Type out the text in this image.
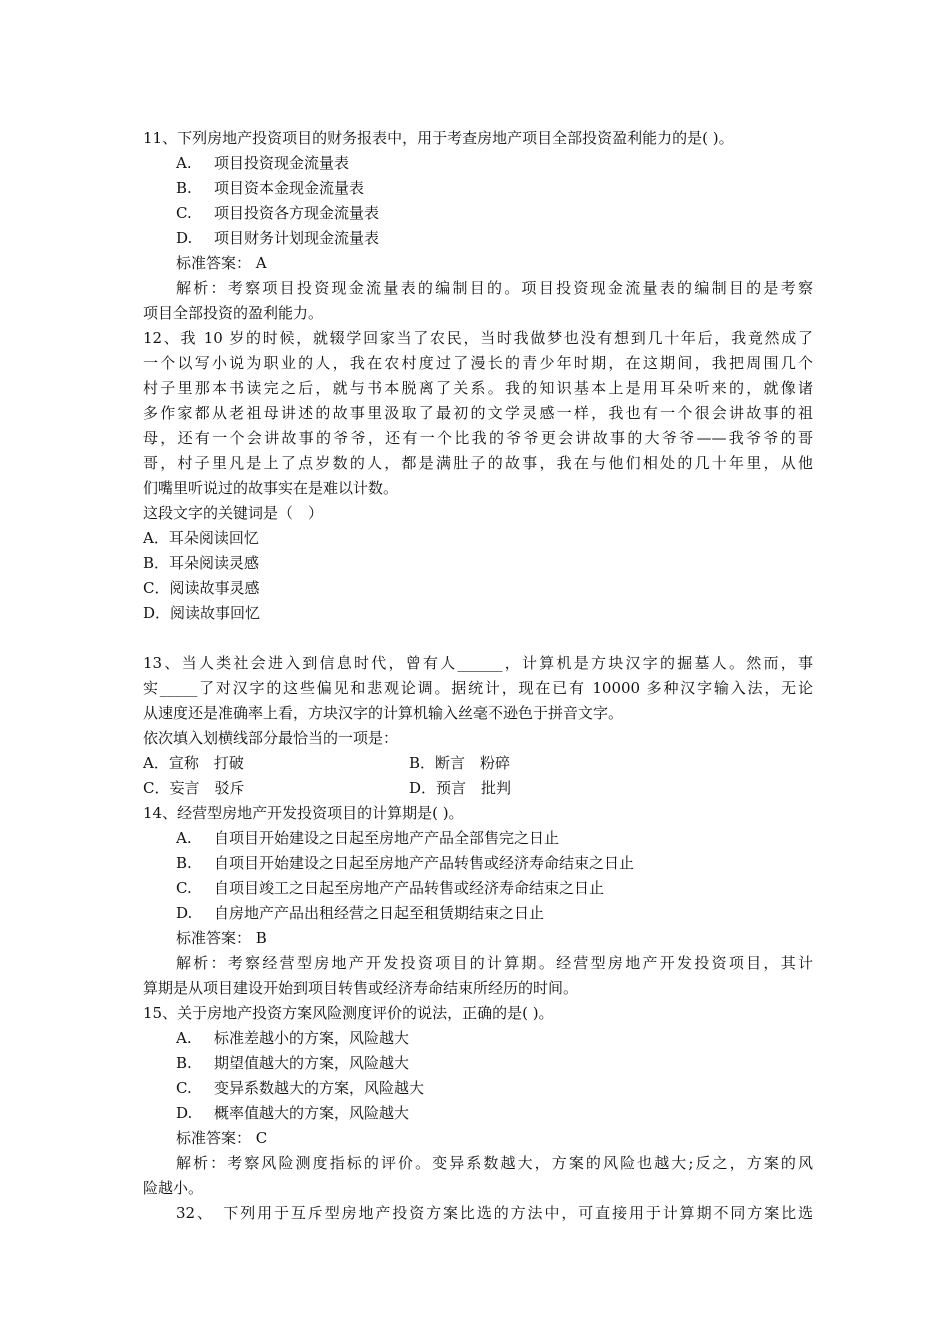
11、下列房地产投资项目的财务报表中，用于考查房地产项目全部投资盈利能力的是( )。
A. 项目投资现金流量表
B. 项目资本金现金流量表
C. 项目投资各方现金流量表
D. 项目财务计划现金流量表
标准答案： A
解析：考察项目投资现金流量表的编制目的。项目投资现金流量表的编制目的是考察
项目全部投资的盈利能力。
12、我 10 岁的时候，就辍学回家当了农民，当时我做梦也没有想到几十年后，我竟然成了
一个以写小说为职业的人，我在农村度过了漫长的青少年时期，在这期间，我把周围几个
村子里那本书读完之后，就与书本脱离了关系。我的知识基本上是用耳朵听来的，就像诸
多作家都从老祖母讲述的故事里汲取了最初的文学灵感一样，我也有一个很会讲故事的祖
母，还有一个会讲故事的爷爷，还有一个比我的爷爷更会讲故事的大爷爷——我爷爷的哥
哥，村子里凡是上了点岁数的人，都是满肚子的故事，我在与他们相处的几十年里，从他
们嘴里听说过的故事实在是难以计数。
这段文字的关键词是（　）
A．耳朵阅读回忆
B．耳朵阅读灵感
C．阅读故事灵感
D．阅读故事回忆
13、当人类社会进入到信息时代，曾有人______，计算机是方块汉字的掘墓人。然而，事
实_____了对汉字的这些偏见和悲观论调。据统计，现在已有 10000 多种汉字输入法，无论
从速度还是准确率上看，方块汉字的计算机输入丝毫不逊色于拼音文字。
依次填入划横线部分最恰当的一项是：
A．宣称　打破	B．断言　粉碎
C．妄言　驳斥	D．预言　批判
14、经营型房地产开发投资项目的计算期是( )。
A. 自项目开始建设之日起至房地产产品全部售完之日止
B. 自项目开始建设之日起至房地产产品转售或经济寿命结束之日止
C. 自项目竣工之日起至房地产产品转售或经济寿命结束之日止
D. 自房地产产品出租经营之日起至租赁期结束之日止
标准答案： B
解析：考察经营型房地产开发投资项目的计算期。经营型房地产开发投资项目，其计
算期是从项目建设开始到项目转售或经济寿命结束所经历的时间。
15、关于房地产投资方案风险测度评价的说法，正确的是( )。
A. 标准差越小的方案，风险越大
B. 期望值越大的方案，风险越大
C. 变异系数越大的方案，风险越大
D. 概率值越大的方案，风险越大
标准答案： C
解析：考察风险测度指标的评价。变异系数越大，方案的风险也越大;反之，方案的风
险越小。
32、　下列用于互斥型房地产投资方案比选的方法中，可直接用于计算期不同方案比选
